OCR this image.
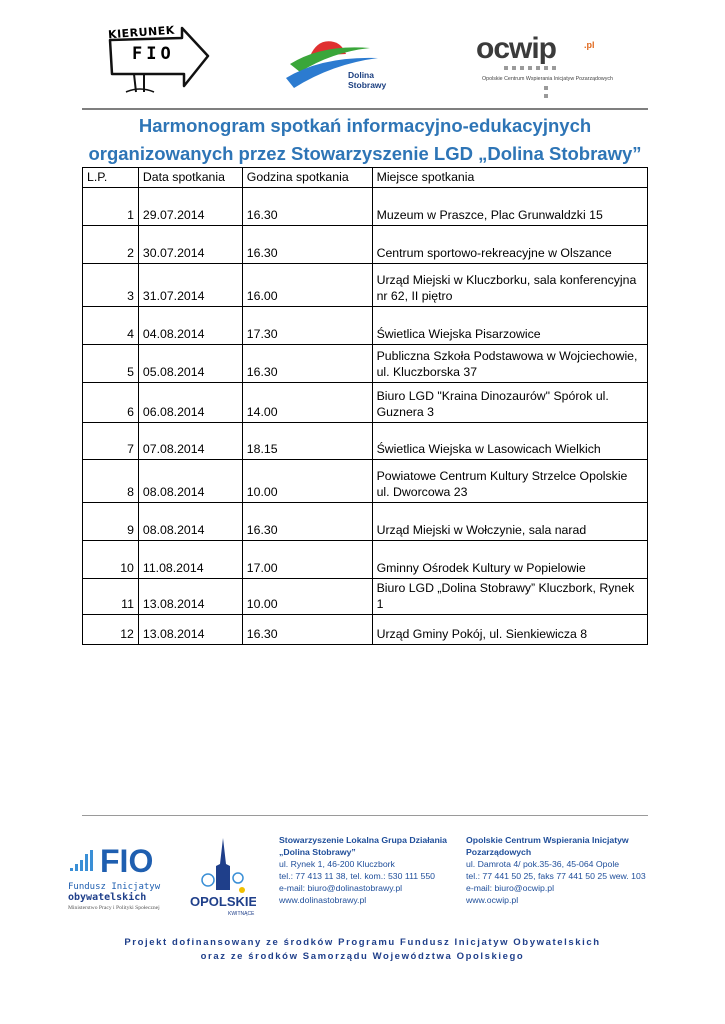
KIERUNEK
FIO
Dolina
Stobrawy
ocwip	.pl
Opolskie Centrum Wspierania Inicjatyw Pozarządowych
Harmonogram spotkań informacyjno-edukacyjnych
organizowanych przez Stowarzyszenie LGD „Dolina Stobrawy”
L.P.	Data spotkania	Godzina spotkania	Miejsce spotkania
1	29.07.2014	16.30	Muzeum w Praszce, Plac Grunwaldzki 15
2	30.07.2014	16.30	Centrum sportowo-rekreacyjne w Olszance
3	31.07.2014	16.00	Urząd Miejski w Kluczborku, sala konferencyjna nr 62, II piętro
4	04.08.2014	17.30	Świetlica Wiejska Pisarzowice
5	05.08.2014	16.30	Publiczna Szkoła Podstawowa w Wojciechowie, ul. Kluczborska 37
6	06.08.2014	14.00	Biuro LGD "Kraina Dinozaurów" Spórok ul. Guznera 3
7	07.08.2014	18.15	Świetlica Wiejska w Lasowicach Wielkich
8	08.08.2014	10.00	Powiatowe Centrum Kultury Strzelce Opolskie ul. Dworcowa 23
9	08.08.2014	16.30	Urząd Miejski w Wołczynie, sala narad
10	11.08.2014	17.00	Gminny Ośrodek Kultury w Popielowie
11	13.08.2014	10.00	Biuro LGD „Dolina Stobrawy” Kluczbork, Rynek 1
12	13.08.2014	16.30	Urząd Gminy Pokój, ul. Sienkiewicza 8
FIO
Fundusz Inicjatyw
obywatelskich
Ministerstwo Pracy i Polityki Społecznej OPOLSKIE
KWITNĄCE
Stowarzyszenie Lokalna Grupa Działania
„Dolina Stobrawy”
ul. Rynek 1, 46-200 Kluczbork
tel.: 77 413 11 38, tel. kom.: 530 111 550
e-mail: biuro@dolinastobrawy.pl
www.dolinastobrawy.pl
Opolskie Centrum Wspierania Inicjatyw
Pozarządowych
ul. Damrota 4/ pok.35-36, 45-064 Opole
tel.: 77 441 50 25, faks 77 441 50 25 wew. 103
e-mail: biuro@ocwip.pl
www.ocwip.pl
Projekt dofinansowany ze środków Programu Fundusz Inicjatyw Obywatelskich
oraz ze środków Samorządu Województwa Opolskiego
